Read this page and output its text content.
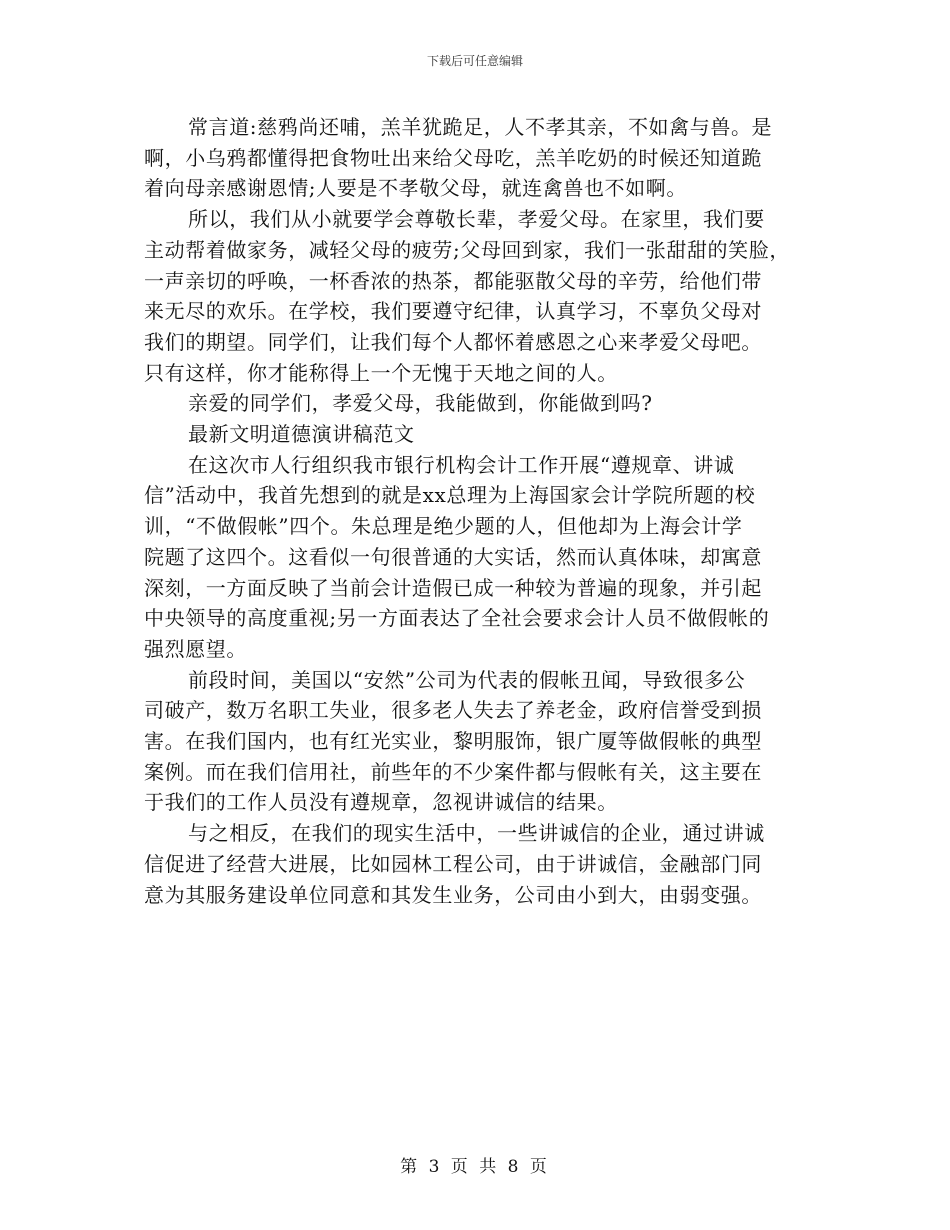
下载后可任意编辑
常言道:慈鸦尚还哺，羔羊犹跪足，人不孝其亲，不如禽与兽。是
啊，小乌鸦都懂得把食物吐出来给父母吃，羔羊吃奶的时候还知道跪
着向母亲感谢恩情;人要是不孝敬父母，就连禽兽也不如啊。
所以，我们从小就要学会尊敬长辈，孝爱父母。在家里，我们要
主动帮着做家务，减轻父母的疲劳;父母回到家，我们一张甜甜的笑脸，
一声亲切的呼唤，一杯香浓的热茶，都能驱散父母的辛劳，给他们带
来无尽的欢乐。在学校，我们要遵守纪律，认真学习，不辜负父母对
我们的期望。同学们，让我们每个人都怀着感恩之心来孝爱父母吧。
只有这样，你才能称得上一个无愧于天地之间的人。
亲爱的同学们，孝爱父母，我能做到，你能做到吗?
最新文明道德演讲稿范文
在这次市人行组织我市银行机构会计工作开展“遵规章、讲诚
信”活动中，我首先想到的就是xx总理为上海国家会计学院所题的校
训，“不做假帐”四个。朱总理是绝少题的人，但他却为上海会计学
院题了这四个。这看似一句很普通的大实话，然而认真体味，却寓意
深刻，一方面反映了当前会计造假已成一种较为普遍的现象，并引起
中央领导的高度重视;另一方面表达了全社会要求会计人员不做假帐的
强烈愿望。
前段时间，美国以“安然”公司为代表的假帐丑闻，导致很多公
司破产，数万名职工失业，很多老人失去了养老金，政府信誉受到损
害。在我们国内，也有红光实业，黎明服饰，银广厦等做假帐的典型
案例。而在我们信用社，前些年的不少案件都与假帐有关，这主要在
于我们的工作人员没有遵规章，忽视讲诚信的结果。
与之相反，在我们的现实生活中，一些讲诚信的企业，通过讲诚
信促进了经营大进展，比如园林工程公司，由于讲诚信，金融部门同
意为其服务建设单位同意和其发生业务，公司由小到大，由弱变强。
第 3 页 共 8 页
